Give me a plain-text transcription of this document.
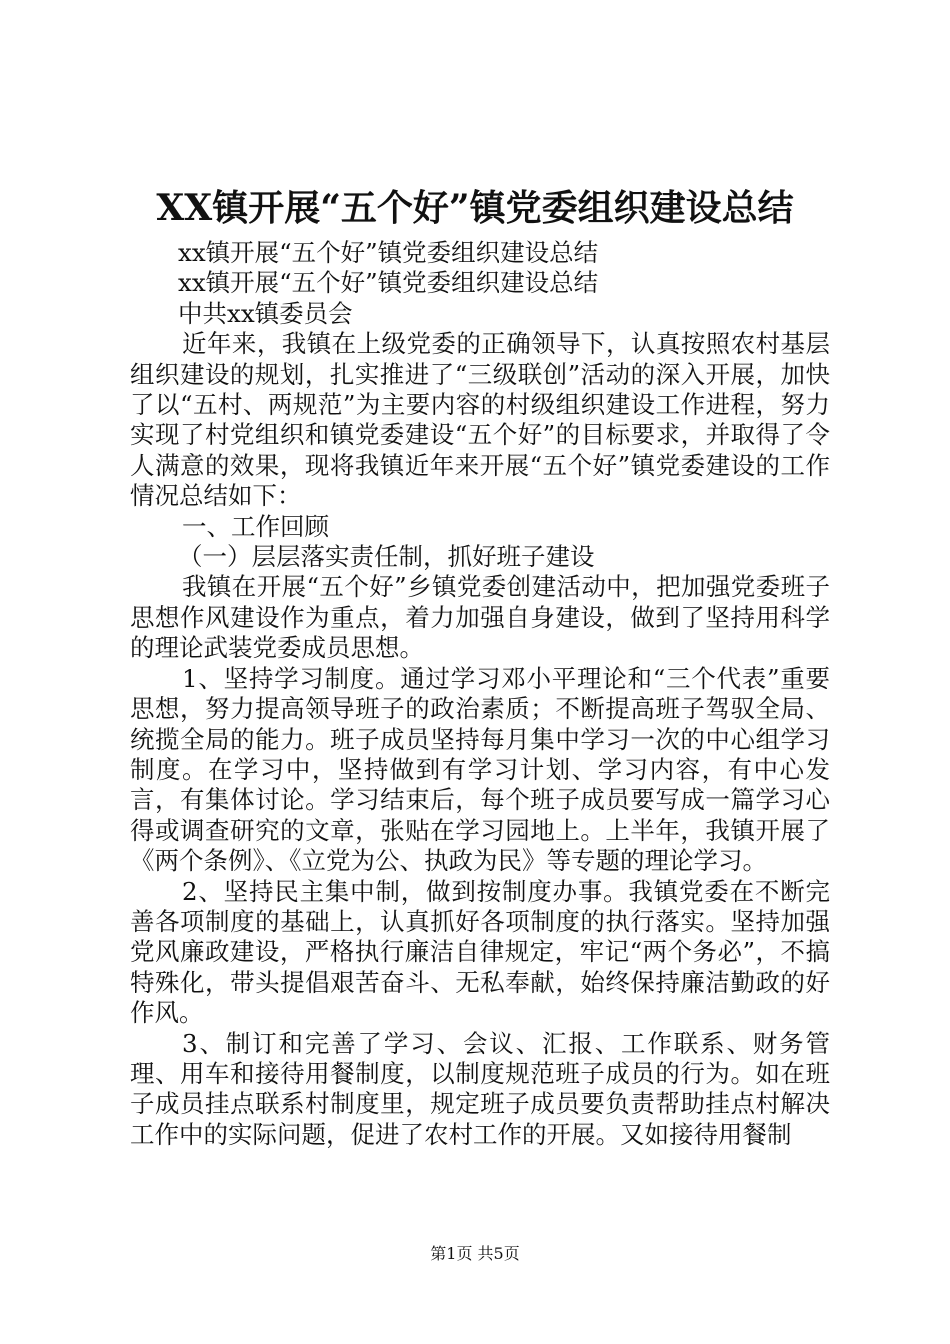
XX镇开展“五个好”镇党委组织建设总结

xx镇开展“五个好”镇党委组织建设总结

xx镇开展“五个好”镇党委组织建设总结

中共xx镇委员会

近年来，我镇在上级党委的正确领导下，认真按照农村基层组织建设的规划，扎实推进了“三级联创”活动的深入开展，加快了以“五村、两规范”为主要内容的村级组织建设工作进程，努力实现了村党组织和镇党委建设“五个好”的目标要求，并取得了令人满意的效果，现将我镇近年来开展“五个好”镇党委建设的工作情况总结如下：

一、工作回顾

（一）层层落实责任制，抓好班子建设

我镇在开展“五个好”乡镇党委创建活动中，把加强党委班子思想作风建设作为重点，着力加强自身建设，做到了坚持用科学的理论武装党委成员思想。

1、坚持学习制度。通过学习邓小平理论和“三个代表”重要思想，努力提高领导班子的政治素质；不断提高班子驾驭全局、统揽全局的能力。班子成员坚持每月集中学习一次的中心组学习制度。在学习中，坚持做到有学习计划、学习内容，有中心发言，有集体讨论。学习结束后，每个班子成员要写成一篇学习心得或调查研究的文章，张贴在学习园地上。上半年，我镇开展了《两个条例》、《立党为公、执政为民》等专题的理论学习。

2、坚持民主集中制，做到按制度办事。我镇党委在不断完善各项制度的基础上，认真抓好各项制度的执行落实。坚持加强党风廉政建设，严格执行廉洁自律规定，牢记“两个务必”，不搞特殊化，带头提倡艰苦奋斗、无私奉献，始终保持廉洁勤政的好作风。

3、制订和完善了学习、会议、汇报、工作联系、财务管理、用车和接待用餐制度，以制度规范班子成员的行为。如在班子成员挂点联系村制度里，规定班子成员要负责帮助挂点村解决工作中的实际问题，促进了农村工作的开展。又如接待用餐制

第1页 共5页
